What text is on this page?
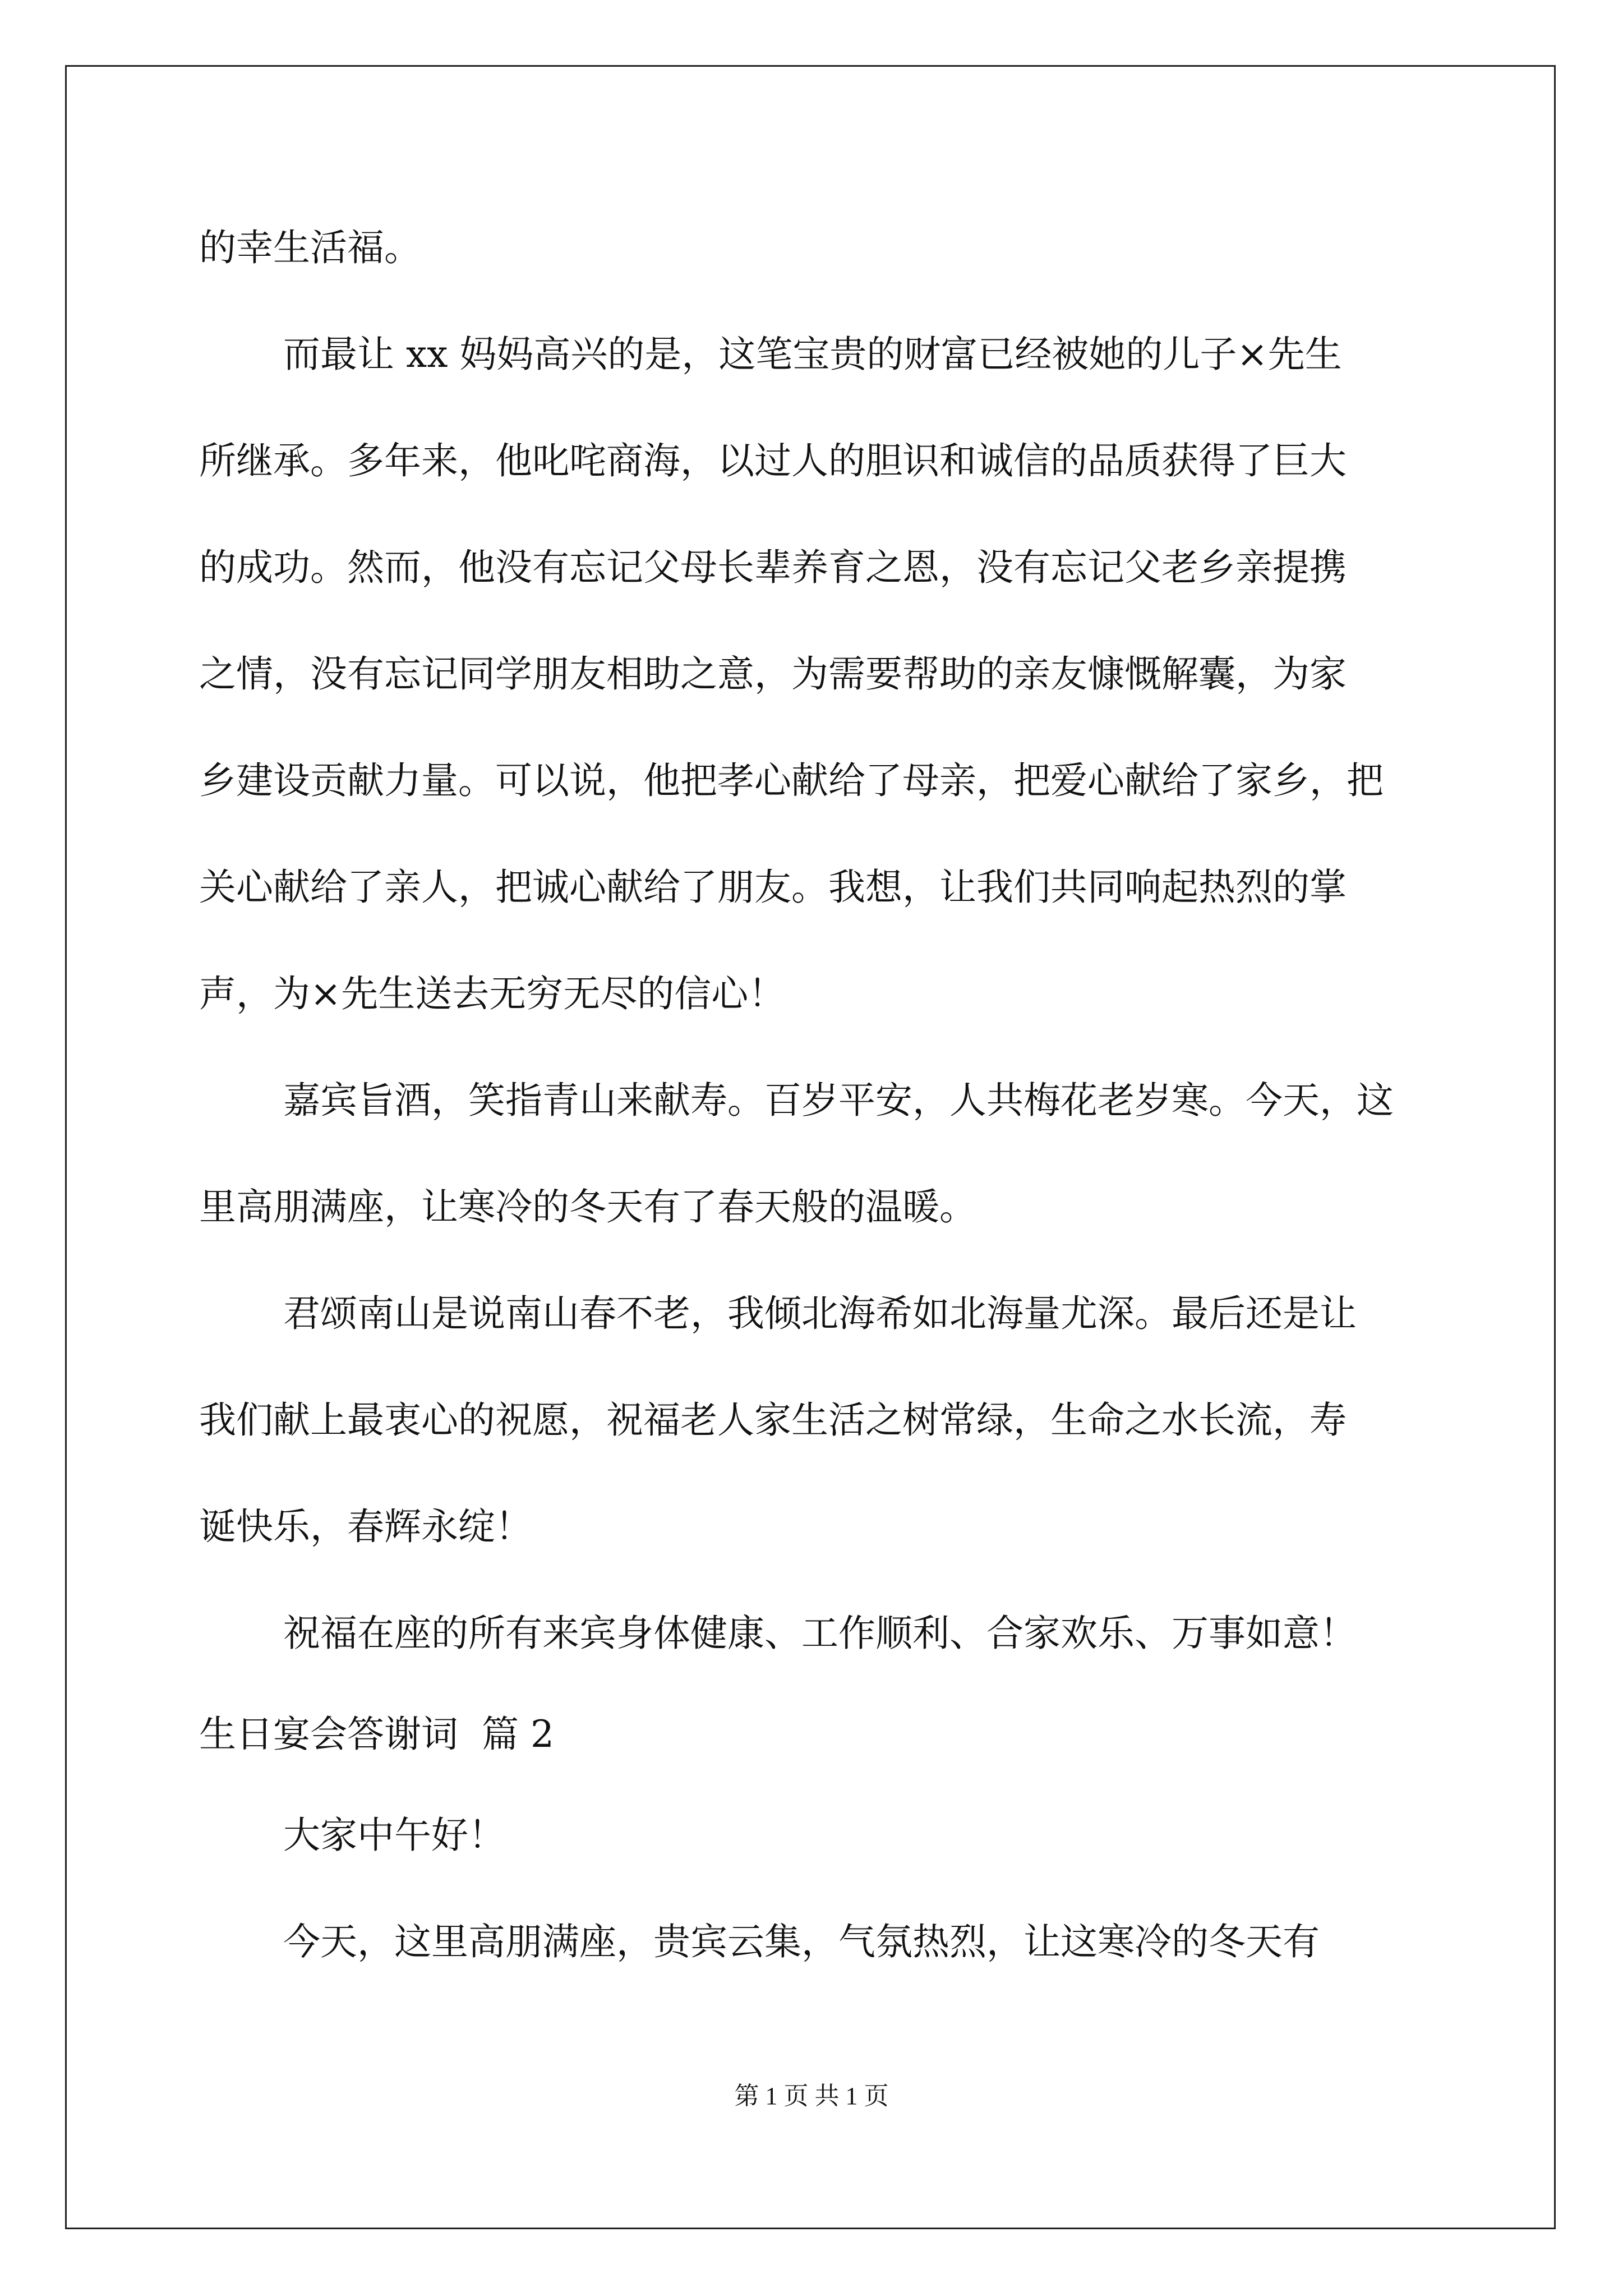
的幸生活福。
而最让 xx 妈妈高兴的是，这笔宝贵的财富已经被她的儿子×先生
所继承。多年来，他叱咤商海，以过人的胆识和诚信的品质获得了巨大
的成功。然而，他没有忘记父母长辈养育之恩，没有忘记父老乡亲提携
之情，没有忘记同学朋友相助之意，为需要帮助的亲友慷慨解囊，为家
乡建设贡献力量。可以说，他把孝心献给了母亲，把爱心献给了家乡，把
关心献给了亲人，把诚心献给了朋友。我想，让我们共同响起热烈的掌
声，为×先生送去无穷无尽的信心！
嘉宾旨酒，笑指青山来献寿。百岁平安，人共梅花老岁寒。今天，这
里高朋满座，让寒冷的冬天有了春天般的温暖。
君颂南山是说南山春不老，我倾北海希如北海量尤深。最后还是让
我们献上最衷心的祝愿，祝福老人家生活之树常绿，生命之水长流，寿
诞快乐，春辉永绽！
祝福在座的所有来宾身体健康、工作顺利、合家欢乐、万事如意！
生日宴会答谢词  篇 2
大家中午好！
今天，这里高朋满座，贵宾云集，气氛热烈，让这寒冷的冬天有
第 1 页 共 1 页
